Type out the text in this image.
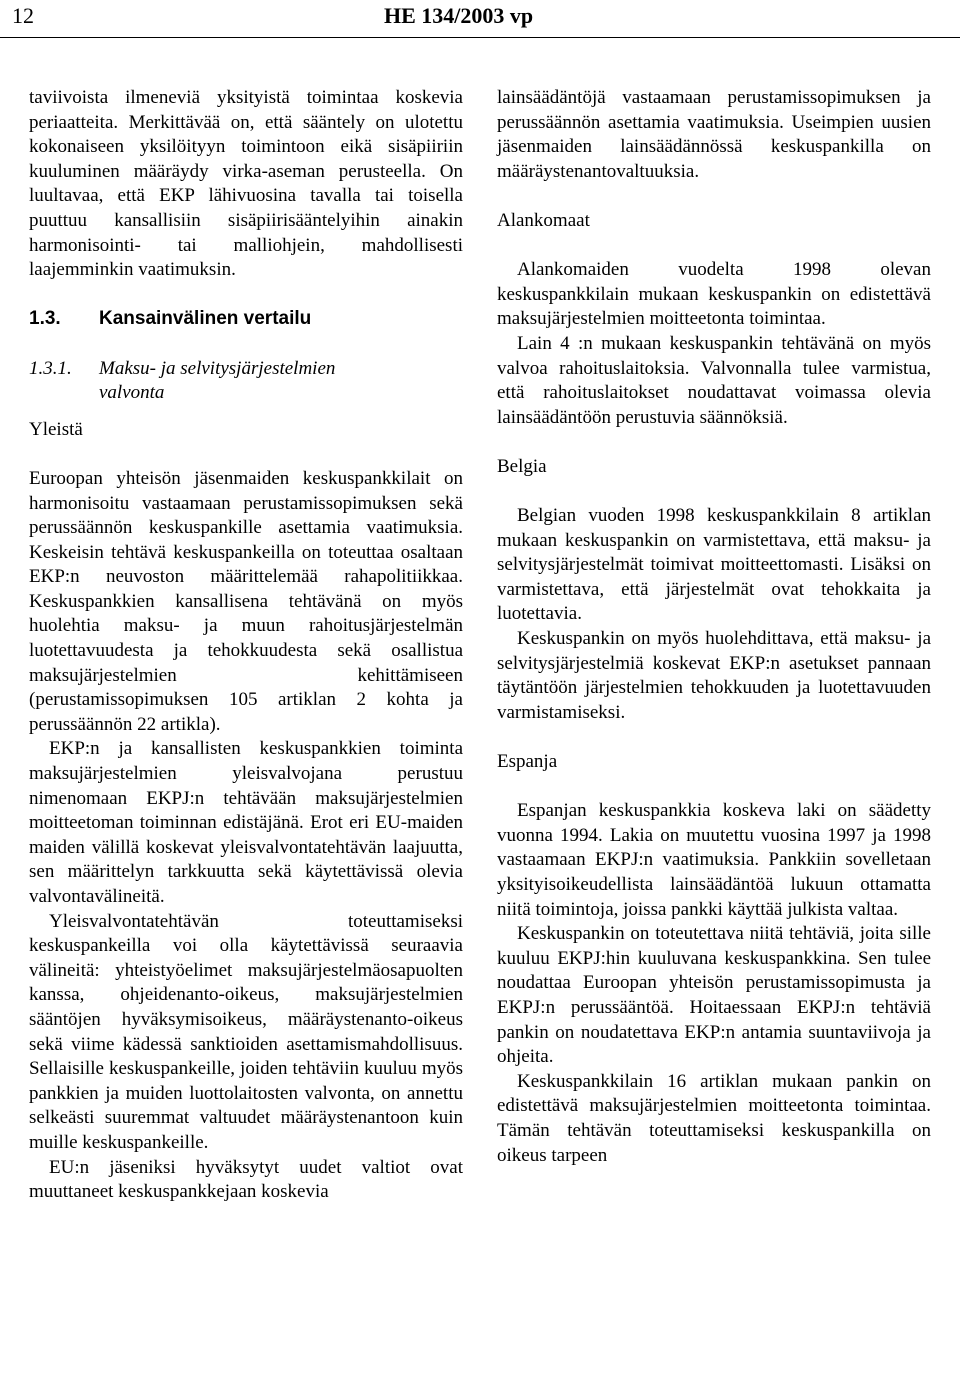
12	HE 134/2003 vp

taviivoista ilmeneviä yksityistä toimintaa koskevia periaatteita. Merkittävää on, että sääntely on ulotettu kokonaiseen yksilöityyn toimintoon eikä sisäpiiriin kuuluminen määräydy virka-aseman perusteella. On luultavaa, että EKP lähivuosina tavalla tai toisella puuttuu kansallisiin sisäpiirisääntelyihin ainakin harmonisointi- tai malliohjein, mahdollisesti laajemminkin vaatimuksin.

1.3.	Kansainvälinen vertailu
1.3.1.	Maksu- ja selvitysjärjestelmien valvonta

Yleistä

Euroopan yhteisön jäsenmaiden keskuspankkilait on harmonisoitu vastaamaan perustamissopimuksen sekä perussäännön keskuspankille asettamia vaatimuksia. Keskeisin tehtävä keskuspankeilla on toteuttaa osaltaan EKP:n neuvoston määrittelemää rahapolitiikkaa. Keskuspankkien kansallisena tehtävänä on myös huolehtia maksu- ja muun rahoitusjärjestelmän luotettavuudesta ja tehokkuudesta sekä osallistua maksujärjestelmien kehittämiseen (perustamissopimuksen 105 artiklan 2 kohta ja perussäännön 22 artikla).

EKP:n ja kansallisten keskuspankkien toiminta maksujärjestelmien yleisvalvojana perustuu nimenomaan EKPJ:n tehtävään maksujärjestelmien moitteetoman toiminnan edistäjänä. Erot eri EU-maiden maiden välillä koskevat yleisvalvontatehtävän laajuutta, sen määrittelyn tarkkuutta sekä käytettävissä olevia valvontavälineitä.

Yleisvalvontatehtävän toteuttamiseksi keskuspankeilla voi olla käytettävissä seuraavia välineitä: yhteistyöelimet maksujärjestelmäosapuolten kanssa, ohjeidenanto-oikeus, maksujärjestelmien sääntöjen hyväksymisoikeus, määräystenanto-oikeus sekä viime kädessä sanktioiden asettamismahdollisuus. Sellaisille keskuspankeille, joiden tehtäviin kuuluu myös pankkien ja muiden luottolaitosten valvonta, on annettu selkeästi suuremmat valtuudet määräystenantoon kuin muille keskuspankeille.

EU:n jäseniksi hyväksytyt uudet valtiot ovat muuttaneet keskuspankkejaan koskevia

lainsäädäntöjä vastaamaan perustamissopimuksen ja perussäännön asettamia vaatimuksia. Useimpien uusien jäsenmaiden lainsäädännössä keskuspankilla on määräystenantovaltuuksia.

Alankomaat

Alankomaiden vuodelta 1998 olevan keskuspankkilain mukaan keskuspankin on edistettävä maksujärjestelmien moitteetonta toimintaa.

Lain 4 :n mukaan keskuspankin tehtävänä on myös valvoa rahoituslaitoksia. Valvonnalla tulee varmistua, että rahoituslaitokset noudattavat voimassa olevia lainsäädäntöön perustuvia säännöksiä.

Belgia

Belgian vuoden 1998 keskuspankkilain 8 artiklan mukaan keskuspankin on varmistettava, että maksu- ja selvitysjärjestelmät toimivat moitteettomasti. Lisäksi on varmistettava, että järjestelmät ovat tehokkaita ja luotettavia.

Keskuspankin on myös huolehdittava, että maksu- ja selvitysjärjestelmiä koskevat EKP:n asetukset pannaan täytäntöön järjestelmien tehokkuuden ja luotettavuuden varmistamiseksi.

Espanja

Espanjan keskuspankkia koskeva laki on säädetty vuonna 1994. Lakia on muutettu vuosina 1997 ja 1998 vastaamaan EKPJ:n vaatimuksia. Pankkiin sovelletaan yksityisoikeudellista lainsäädäntöä lukuun ottamatta niitä toimintoja, joissa pankki käyttää julkista valtaa.

Keskuspankin on toteutettava niitä tehtäviä, joita sille kuuluu EKPJ:hin kuuluvana keskuspankkina. Sen tulee noudattaa Euroopan yhteisön perustamissopimusta ja EKPJ:n perussääntöä. Hoitaessaan EKPJ:n tehtäviä pankin on noudatettava EKP:n antamia suuntaviivoja ja ohjeita.

Keskuspankkilain 16 artiklan mukaan pankin on edistettävä maksujärjestelmien moitteetonta toimintaa. Tämän tehtävän toteuttamiseksi keskuspankilla on oikeus tarpeen
